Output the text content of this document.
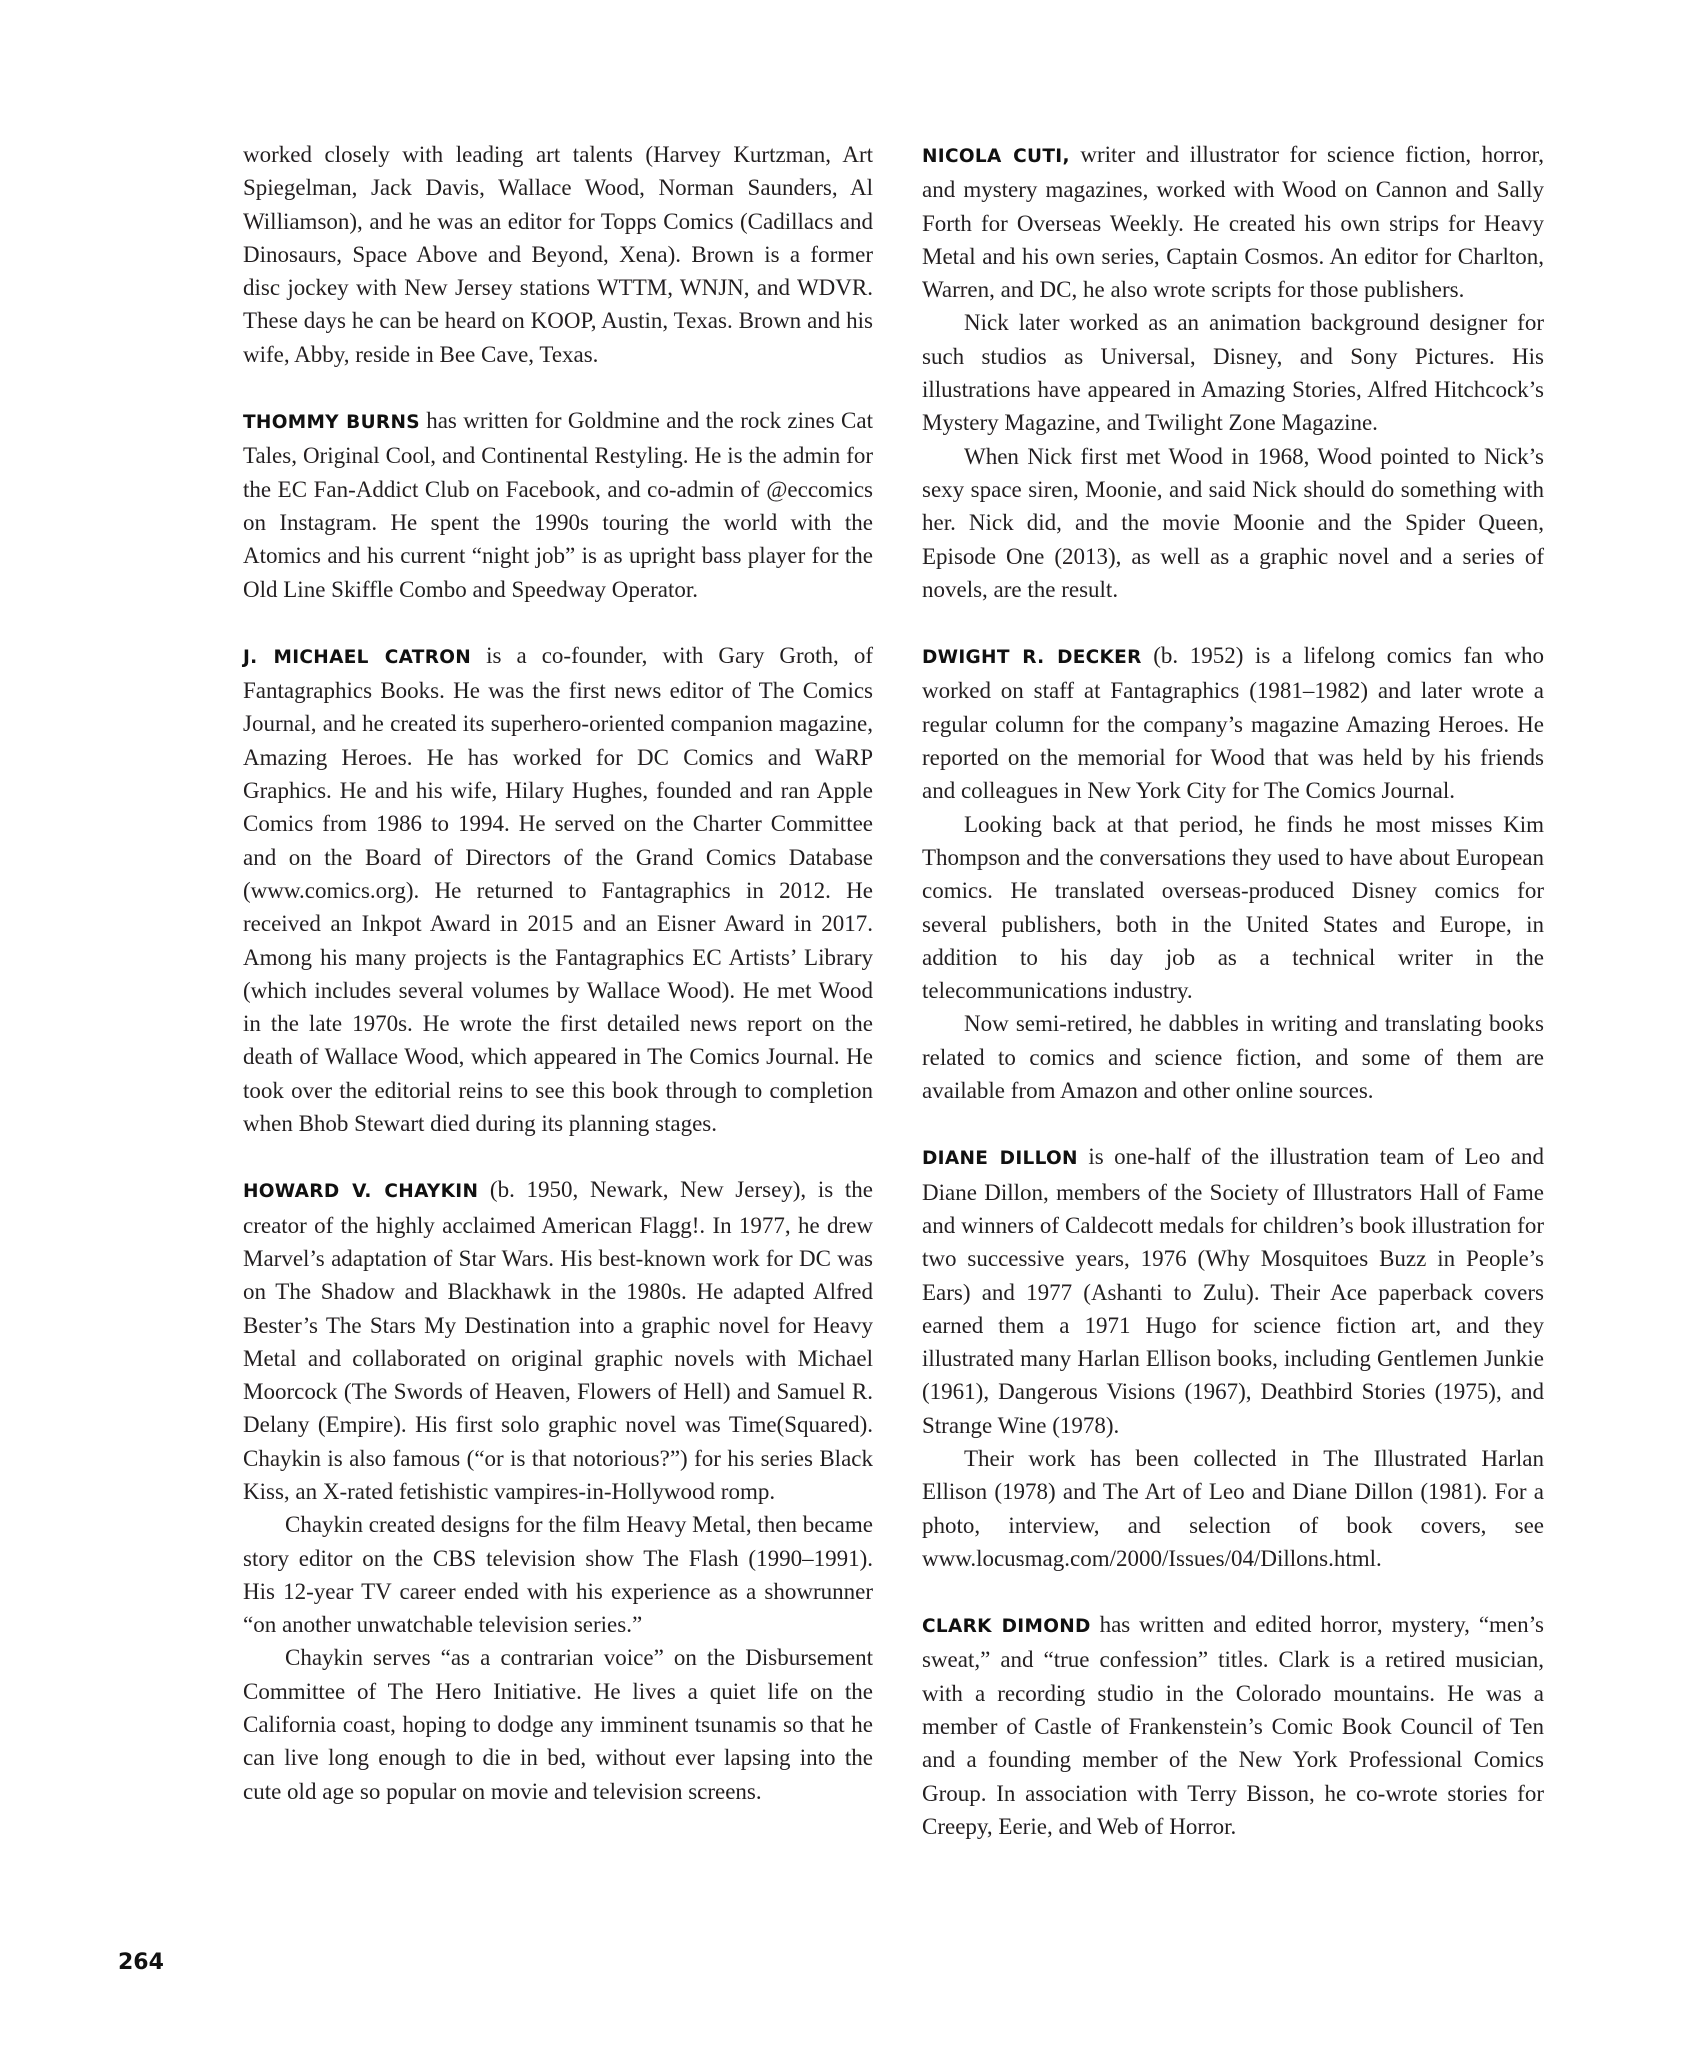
worked closely with leading art talents (Harvey Kurtzman, Art Spiegelman, Jack Davis, Wallace Wood, Norman Saunders, Al Williamson), and he was an editor for Topps Comics (Cadillacs and Dinosaurs, Space Above and Beyond, Xena). Brown is a former disc jockey with New Jersey stations WTTM, WNJN, and WDVR. These days he can be heard on KOOP, Austin, Texas. Brown and his wife, Abby, reside in Bee Cave, Texas.

THOMMY BURNS has written for Goldmine and the rock zines Cat Tales, Original Cool, and Continental Restyling. He is the admin for the EC Fan-Addict Club on Facebook, and co-admin of @eccomics on Instagram. He spent the 1990s touring the world with the Atomics and his current “night job” is as upright bass player for the Old Line Skiffle Combo and Speedway Operator.

J. MICHAEL CATRON is a co-founder, with Gary Groth, of Fantagraphics Books. He was the first news editor of The Comics Journal, and he created its superhero-oriented companion magazine, Amazing Heroes. He has worked for DC Comics and WaRP Graphics. He and his wife, Hilary Hughes, founded and ran Apple Comics from 1986 to 1994. He served on the Charter Committee and on the Board of Directors of the Grand Comics Database (www.comics.org). He returned to Fantagraphics in 2012. He received an Inkpot Award in 2015 and an Eisner Award in 2017. Among his many projects is the Fantagraphics EC Artists’ Library (which includes several volumes by Wallace Wood). He met Wood in the late 1970s. He wrote the first detailed news report on the death of Wallace Wood, which appeared in The Comics Journal. He took over the editorial reins to see this book through to completion when Bhob Stewart died during its planning stages.

HOWARD V. CHAYKIN (b. 1950, Newark, New Jersey), is the creator of the highly acclaimed American Flagg!. In 1977, he drew Marvel’s adaptation of Star Wars. His best-known work for DC was on The Shadow and Blackhawk in the 1980s. He adapted Alfred Bester’s The Stars My Destination into a graphic novel for Heavy Metal and collaborated on original graphic novels with Michael Moorcock (The Swords of Heaven, Flowers of Hell) and Samuel R. Delany (Empire). His first solo graphic novel was Time(Squared). Chaykin is also famous (“or is that notorious?”) for his series Black Kiss, an X-rated fetishistic vampires-in-Hollywood romp.

Chaykin created designs for the film Heavy Metal, then became story editor on the CBS television show The Flash (1990–1991). His 12-year TV career ended with his experience as a showrunner “on another unwatchable television series.”

Chaykin serves “as a contrarian voice” on the Disbursement Committee of The Hero Initiative. He lives a quiet life on the California coast, hoping to dodge any imminent tsunamis so that he can live long enough to die in bed, without ever lapsing into the cute old age so popular on movie and television screens.

NICOLA CUTI, writer and illustrator for science fiction, horror, and mystery magazines, worked with Wood on Cannon and Sally Forth for Overseas Weekly. He created his own strips for Heavy Metal and his own series, Captain Cosmos. An editor for Charlton, Warren, and DC, he also wrote scripts for those publishers.

Nick later worked as an animation background designer for such studios as Universal, Disney, and Sony Pictures. His illustrations have appeared in Amazing Stories, Alfred Hitchcock’s Mystery Magazine, and Twilight Zone Magazine.

When Nick first met Wood in 1968, Wood pointed to Nick’s sexy space siren, Moonie, and said Nick should do something with her. Nick did, and the movie Moonie and the Spider Queen, Episode One (2013), as well as a graphic novel and a series of novels, are the result.

DWIGHT R. DECKER (b. 1952) is a lifelong comics fan who worked on staff at Fantagraphics (1981–1982) and later wrote a regular column for the company’s magazine Amazing Heroes. He reported on the memorial for Wood that was held by his friends and colleagues in New York City for The Comics Journal.

Looking back at that period, he finds he most misses Kim Thompson and the conversations they used to have about European comics. He translated overseas-produced Disney comics for several publishers, both in the United States and Europe, in addition to his day job as a technical writer in the telecommunications industry.

Now semi-retired, he dabbles in writing and translating books related to comics and science fiction, and some of them are available from Amazon and other online sources.

DIANE DILLON is one-half of the illustration team of Leo and Diane Dillon, members of the Society of Illustrators Hall of Fame and winners of Caldecott medals for children’s book illustration for two successive years, 1976 (Why Mosquitoes Buzz in People’s Ears) and 1977 (Ashanti to Zulu). Their Ace paperback covers earned them a 1971 Hugo for science fiction art, and they illustrated many Harlan Ellison books, including Gentlemen Junkie (1961), Dangerous Visions (1967), Deathbird Stories (1975), and Strange Wine (1978).

Their work has been collected in The Illustrated Harlan Ellison (1978) and The Art of Leo and Diane Dillon (1981). For a photo, interview, and selection of book covers, see www.locusmag.com/2000/Issues/04/Dillons.html.

CLARK DIMOND has written and edited horror, mystery, “men’s sweat,” and “true confession” titles. Clark is a retired musician, with a recording studio in the Colorado mountains. He was a member of Castle of Frankenstein’s Comic Book Council of Ten and a founding member of the New York Professional Comics Group. In association with Terry Bisson, he co-wrote stories for Creepy, Eerie, and Web of Horror.

264
